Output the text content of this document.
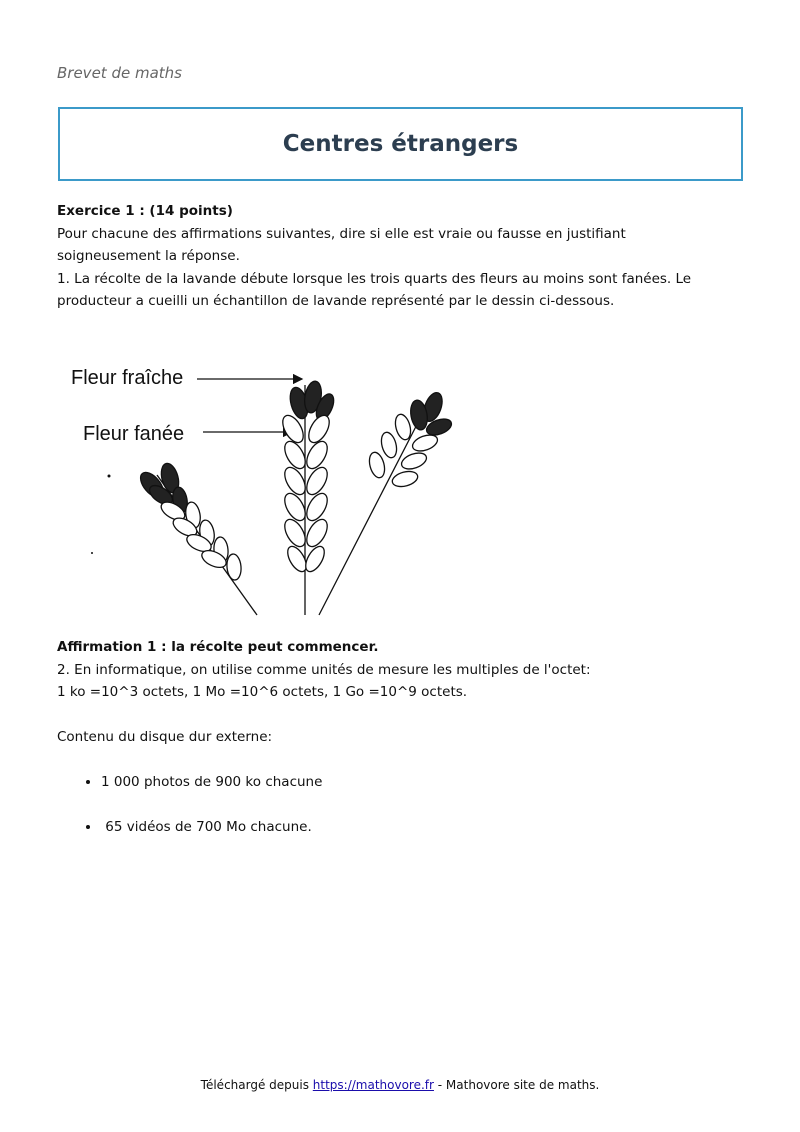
Brevet de maths
Centres étrangers

Exercice 1 : (14 points)

Pour chacune des affirmations suivantes, dire si elle est vraie ou fausse en justifiant

soigneusement la réponse.

1. La récolte de la lavande débute lorsque les trois quarts des fleurs au moins sont fanées. Le

producteur a cueilli un échantillon de lavande représenté par le dessin ci-dessous.

Fleur fraîche
Fleur fanée

Affirmation 1 : la récolte peut commencer.

2. En informatique, on utilise comme unités de mesure les multiples de l'octet:

1 ko =10^3 octets, 1 Mo =10^6 octets, 1 Go =10^9 octets.

Contenu du disque dur externe:

• 1 000 photos de 900 ko chacune
•  65 vidéos de 700 Mo chacune.
Téléchargé depuis https://mathovore.fr - Mathovore site de maths.
